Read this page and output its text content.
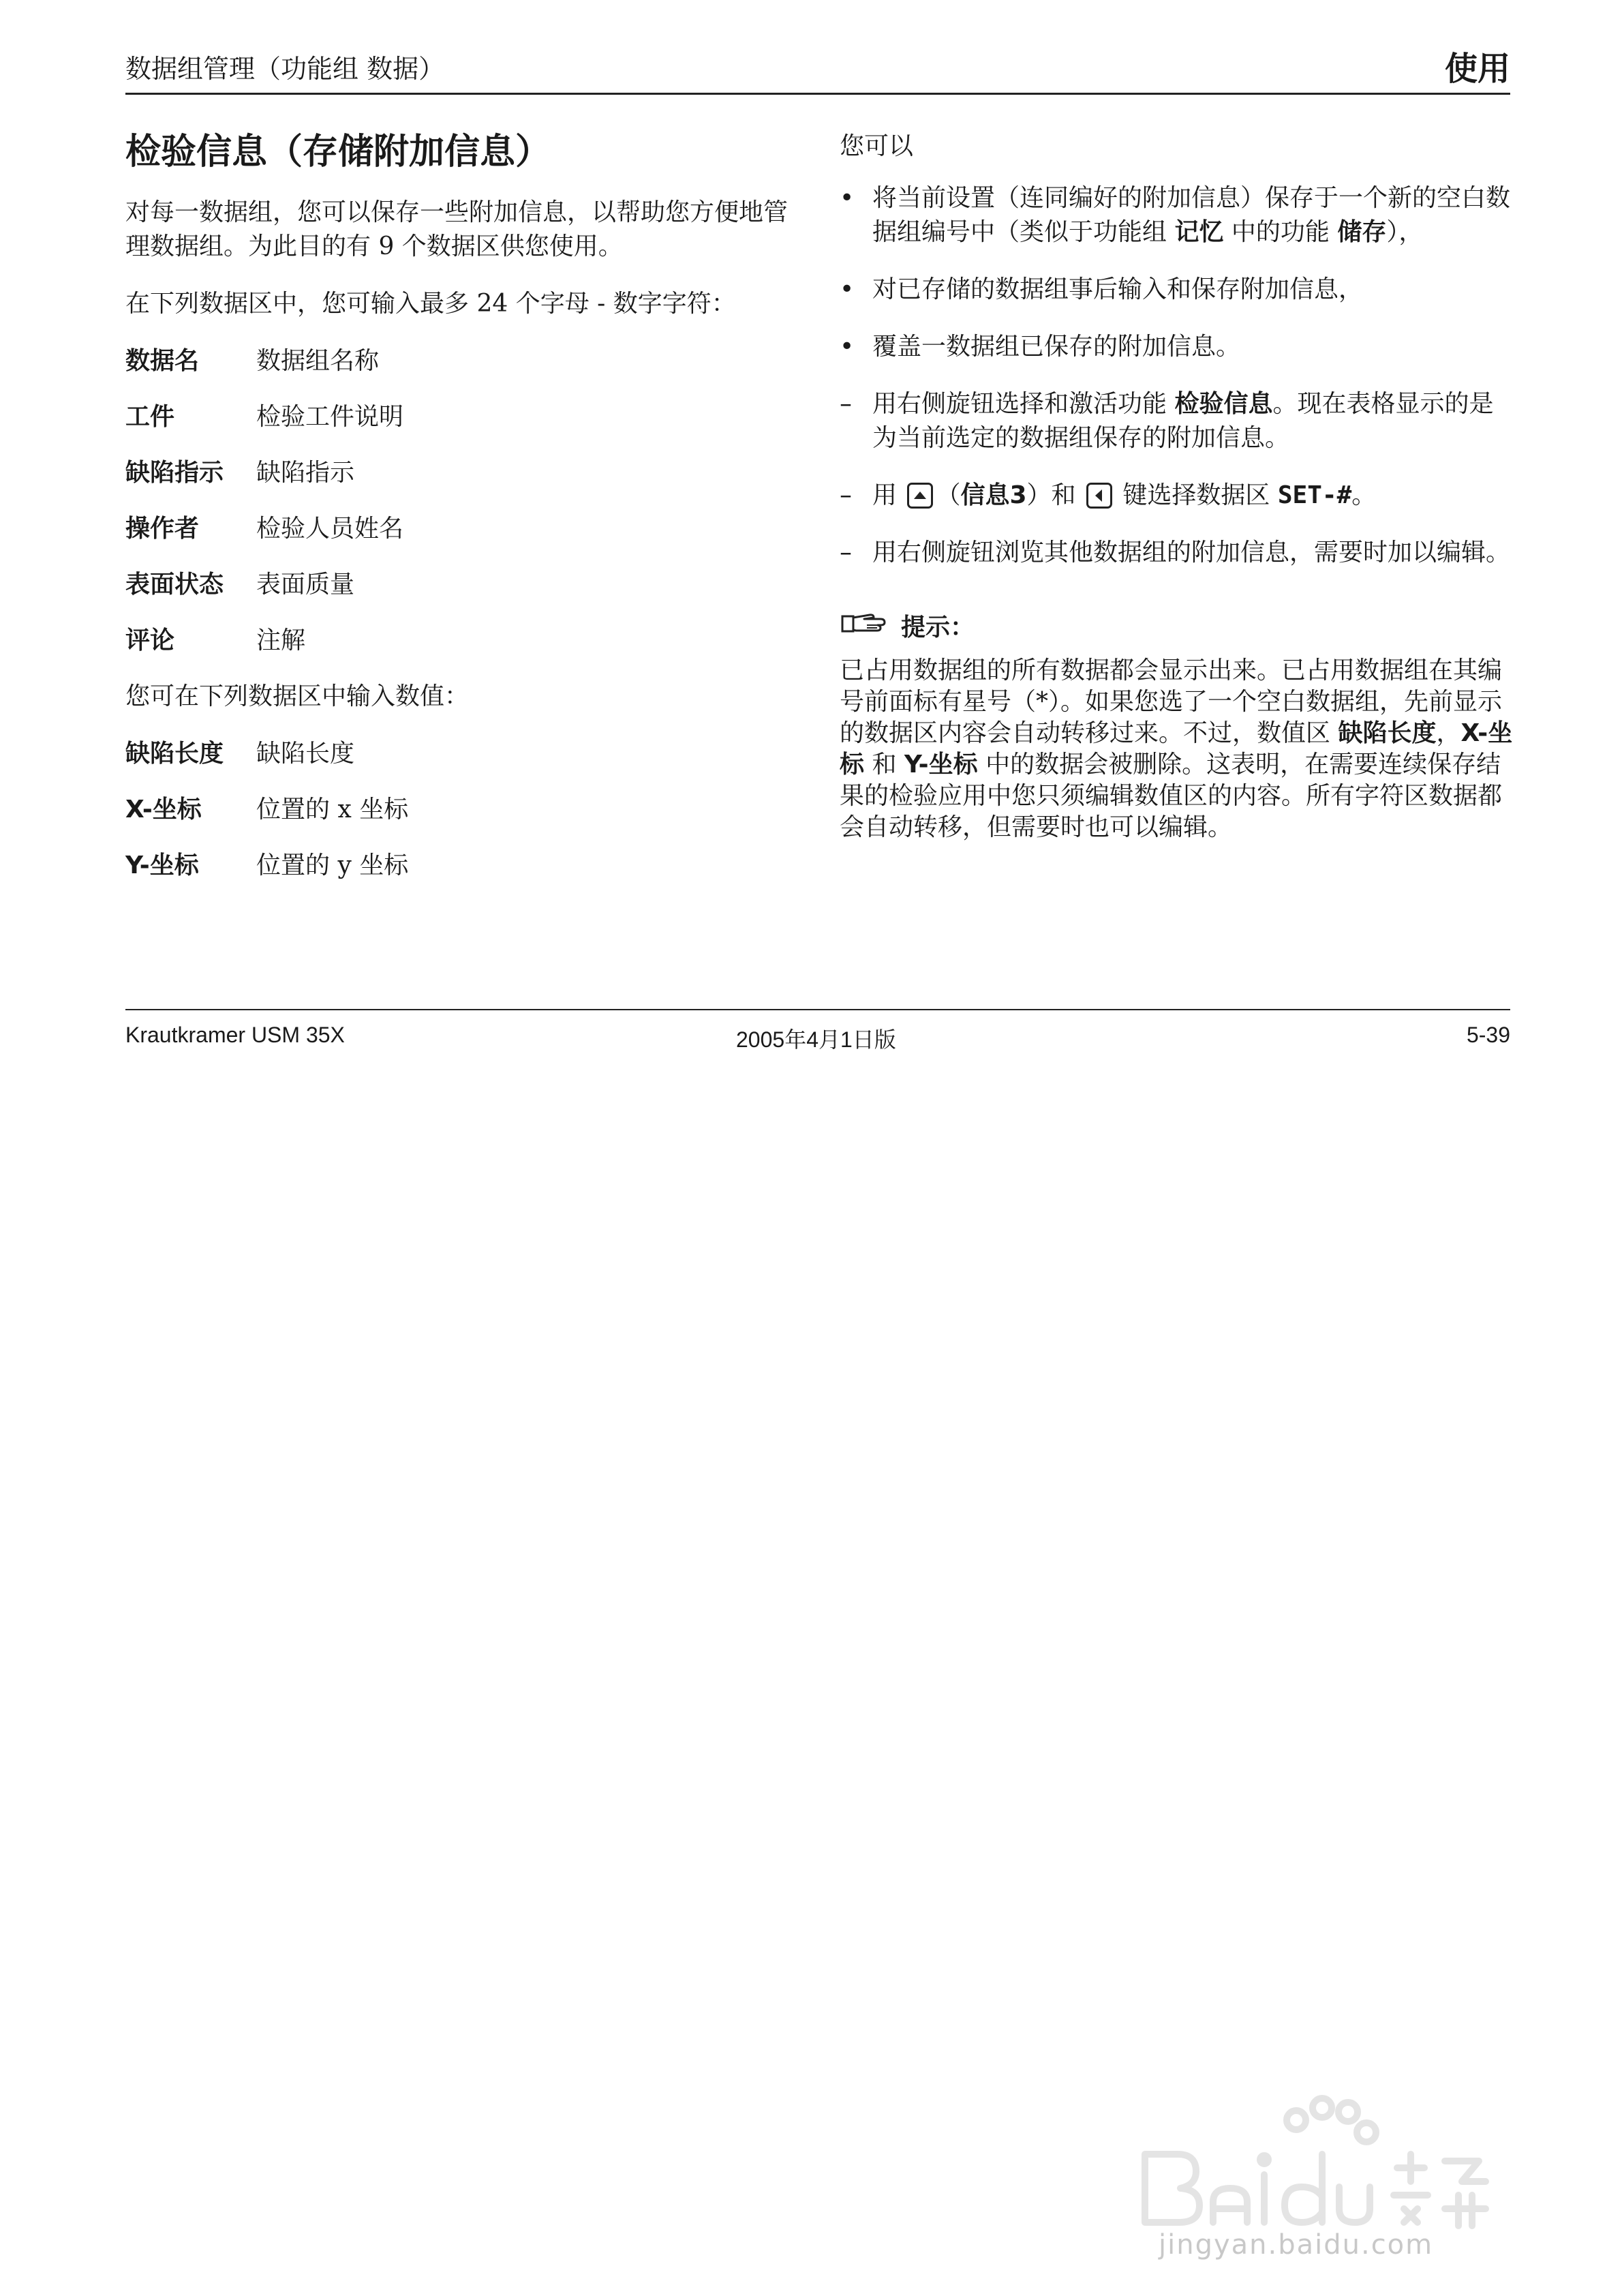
数据组管理（功能组 数据）	使用
检验信息（存储附加信息）

对每一数据组，您可以保存一些附加信息，以帮助您方便地管理数据组。为此目的有 9 个数据区供您使用。

在下列数据区中，您可输入最多 24 个字母 - 数字字符：

数据名	数据组名称
工件	检验工件说明
缺陷指示	缺陷指示
操作者	检验人员姓名
表面状态	表面质量
评论	注解

您可在下列数据区中输入数值：

缺陷长度	缺陷长度
X-坐标	位置的 x 坐标
Y-坐标	位置的 y 坐标

您可以

• 将当前设置（连同编好的附加信息）保存于一个新的空白数据组编号中（类似于功能组 记忆 中的功能 储存），
• 对已存储的数据组事后输入和保存附加信息，
• 覆盖一数据组已保存的附加信息。
– 用右侧旋钮选择和激活功能 检验信息。现在表格显示的是为当前选定的数据组保存的附加信息。
– 用
（信息3）和
键选择数据区 SET-#。
– 用右侧旋钮浏览其他数据组的附加信息，需要时加以编辑。
提示：

已占用数据组的所有数据都会显示出来。已占用数据组在其编号前面标有星号（*）。如果您选了一个空白数据组，先前显示的数据区内容会自动转移过来。不过，数值区 缺陷长度，X-坐标 和 Y-坐标 中的数据会被删除。这表明，在需要连续保存结果的检验应用中您只须编辑数值区的内容。所有字符区数据都会自动转移，但需要时也可以编辑。

Krautkramer USM 35X	2005年4月1日版	5-39
jingyan.baidu.com
